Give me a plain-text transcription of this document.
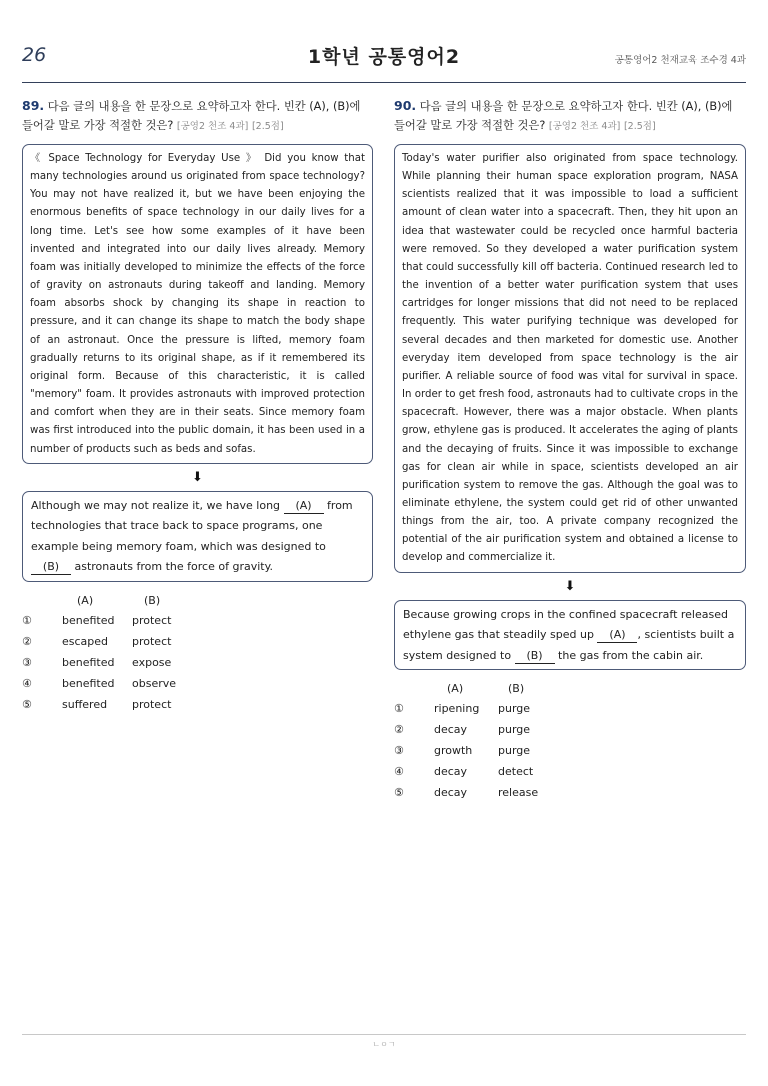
26	1학년 공통영어2	공통영어2 천재교육 조수경 4과

89. 다음 글의 내용을 한 문장으로 요약하고자 한다. 빈칸 (A), (B)에 들어갈 말로 가장 적절한 것은? [공영2 천조 4과] [2.5점]

《 Space Technology for Everyday Use 》 Did you know that many technologies around us originated from space technology? You may not have realized it, but we have been enjoying the enormous benefits of space technology in our daily lives for a long time. Let's see how some examples of it have been invented and integrated into our daily lives already. Memory foam was initially developed to minimize the effects of the force of gravity on astronauts during takeoff and landing. Memory foam absorbs shock by changing its shape in reaction to pressure, and it can change its shape to match the body shape of an astronaut. Once the pressure is lifted, memory foam gradually returns to its original shape, as if it remembered its original form. Because of this characteristic, it is called "memory" foam. It provides astronauts with improved protection and comfort when they are in their seats. Since memory foam was first introduced into the public domain, it has been used in a number of products such as beds and sofas.
⬇
Although we may not realize it, we have long (A) from technologies that trace back to space programs, one example being memory foam, which was designed to (B) astronauts from the force of gravity.
(A)	(B)
①	benefited protect
②	escaped protect
③	benefited expose
④	benefited observe
⑤	suffered protect

90. 다음 글의 내용을 한 문장으로 요약하고자 한다. 빈칸 (A), (B)에 들어갈 말로 가장 적절한 것은? [공영2 천조 4과] [2.5점]

Today's water purifier also originated from space technology. While planning their human space exploration program, NASA scientists realized that it was impossible to load a sufficient amount of clean water into a spacecraft. Then, they hit upon an idea that wastewater could be recycled once harmful bacteria were removed. So they developed a water purification system that could successfully kill off bacteria. Continued research led to the invention of a better water purification system that uses cartridges for longer missions that did not need to be replaced frequently. This water purifying technique was developed for several decades and then marketed for domestic use. Another everyday item developed from space technology is the air purifier. A reliable source of food was vital for survival in space. In order to get fresh food, astronauts had to cultivate crops in the spacecraft. However, there was a major obstacle. When plants grow, ethylene gas is produced. It accelerates the aging of plants and the decaying of fruits. Since it was impossible to exchange gas for clean air while in space, scientists developed an air purification system to remove the gas. Although the goal was to eliminate ethylene, the system could get rid of other unwanted things from the air, too. A private company recognized the potential of the air purification system and obtained a license to develop and commercialize it.
⬇
Because growing crops in the confined spacecraft released ethylene gas that steadily sped up (A) , scientists built a system designed to (B) the gas from the cabin air.
(A)	(B)
①	ripening purge
②	decay	purge
③	growth purge
④	decay	detect
⑤	decay	release
ㄴㅇㄱ
